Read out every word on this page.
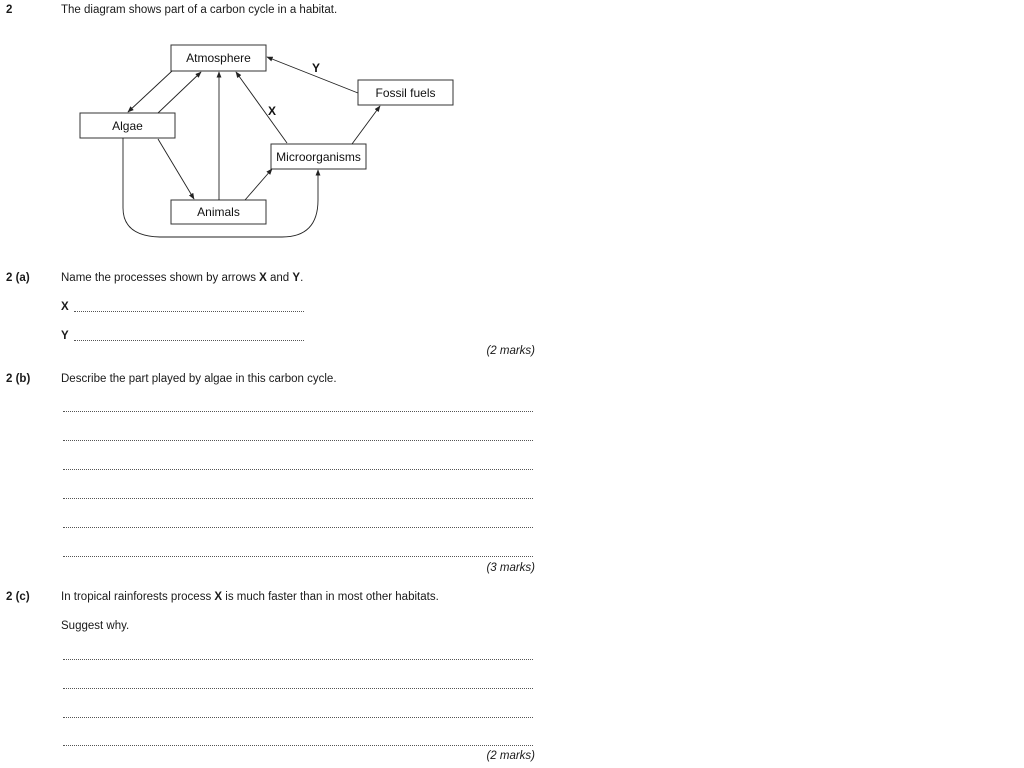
2	The diagram shows part of a carbon cycle in a habitat.
Atmosphere
Algae
Fossil fuels
Microorganisms
Animals
Y
X
2 (a)	Name the processes shown by arrows X and Y.
X
Y
(2 marks)
2 (b)	Describe the part played by algae in this carbon cycle.
(3 marks)
2 (c)	In tropical rainforests process X is much faster than in most other habitats.
Suggest why.
(2 marks)
